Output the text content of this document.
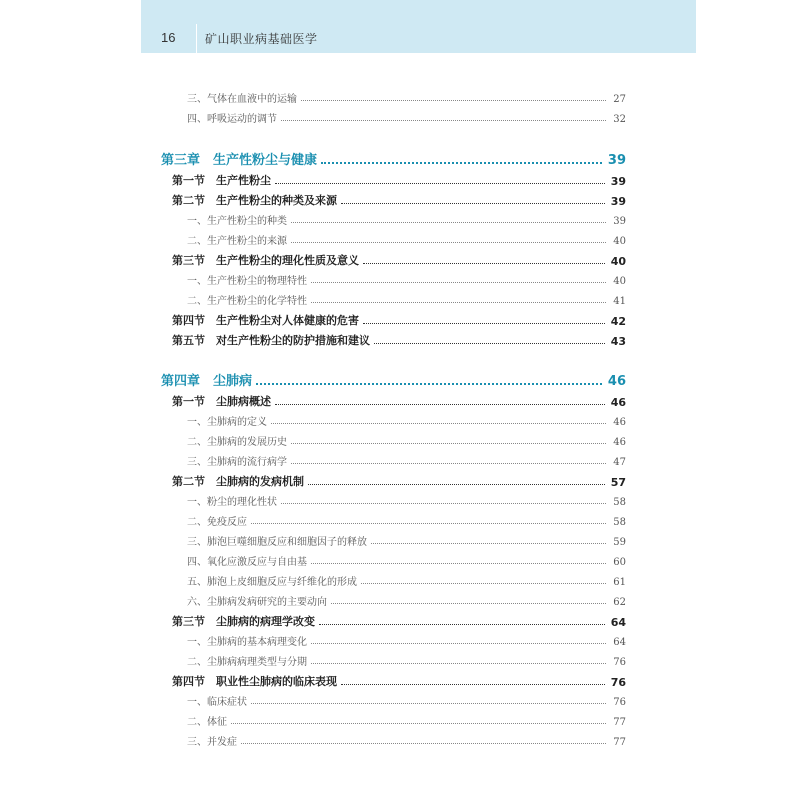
16 矿山职业病基础医学
三、气体在血液中的运输	27
四、呼吸运动的调节	32
第三章　生产性粉尘与健康	39
第一节　生产性粉尘	39
第二节　生产性粉尘的种类及来源	39
一、生产性粉尘的种类	39
二、生产性粉尘的来源	40
第三节　生产性粉尘的理化性质及意义	40
一、生产性粉尘的物理特性	40
二、生产性粉尘的化学特性	41
第四节　生产性粉尘对人体健康的危害	42
第五节　对生产性粉尘的防护措施和建议	43
第四章　尘肺病	46
第一节　尘肺病概述	46
一、尘肺病的定义	46
二、尘肺病的发展历史	46
三、尘肺病的流行病学	47
第二节　尘肺病的发病机制	57
一、粉尘的理化性状	58
二、免疫反应	58
三、肺泡巨噬细胞反应和细胞因子的释放	59
四、氧化应激反应与自由基	60
五、肺泡上皮细胞反应与纤维化的形成	61
六、尘肺病发病研究的主要动向	62
第三节　尘肺病的病理学改变	64
一、尘肺病的基本病理变化	64
二、尘肺病病理类型与分期	76
第四节　职业性尘肺病的临床表现	76
一、临床症状	76
二、体征	77
三、并发症	77
